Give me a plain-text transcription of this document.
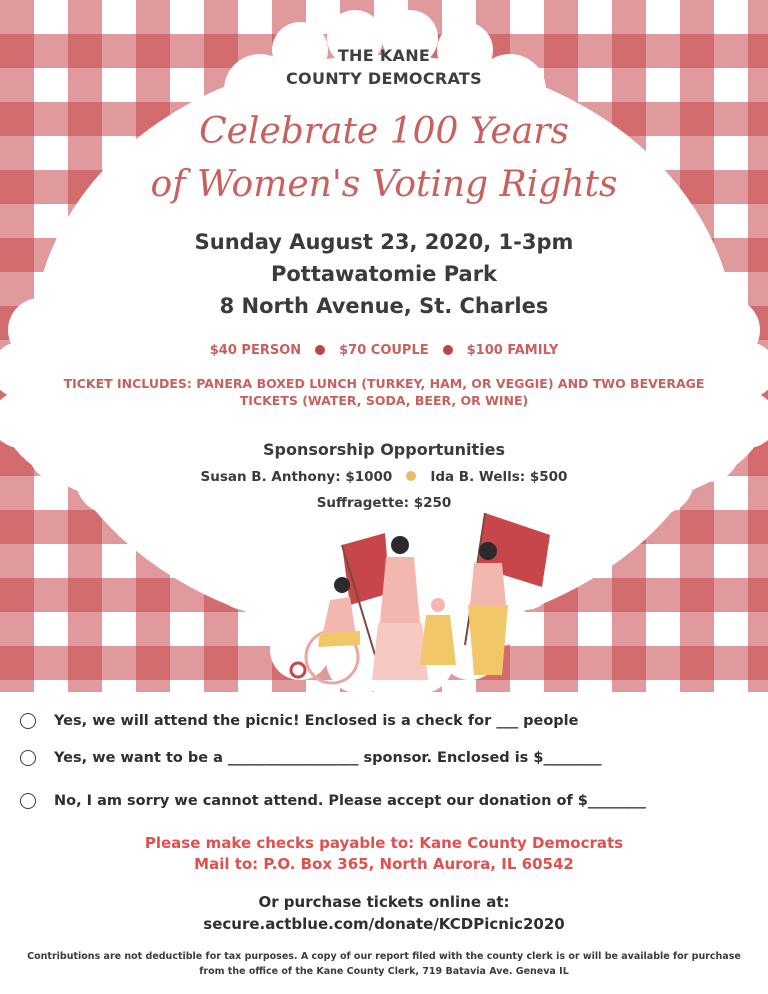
THE KANE
COUNTY DEMOCRATS
Celebrate 100 Years
of Women's Voting Rights
Sunday August 23, 2020, 1-3pm
Pottawatomie Park
8 North Avenue, St. Charles
$40 PERSON	$70 COUPLE	$100 FAMILY
TICKET INCLUDES: PANERA BOXED LUNCH (TURKEY, HAM, OR VEGGIE) AND TWO BEVERAGE TICKETS (WATER, SODA, BEER, OR WINE)
Sponsorship Opportunities
Susan B. Anthony: $1000	Ida B. Wells: $500
Suffragette: $250
Yes, we will attend the picnic! Enclosed is a check for ___ people
Yes, we want to be a __________________ sponsor. Enclosed is $________
No, I am sorry we cannot attend. Please accept our donation of $________
Please make checks payable to: Kane County Democrats
Mail to: P.O. Box 365, North Aurora, IL 60542
Or purchase tickets online at:
secure.actblue.com/donate/KCDPicnic2020
Contributions are not deductible for tax purposes. A copy of our report filed with the county clerk is or will be available for purchase from the office of the Kane County Clerk, 719 Batavia Ave. Geneva IL
